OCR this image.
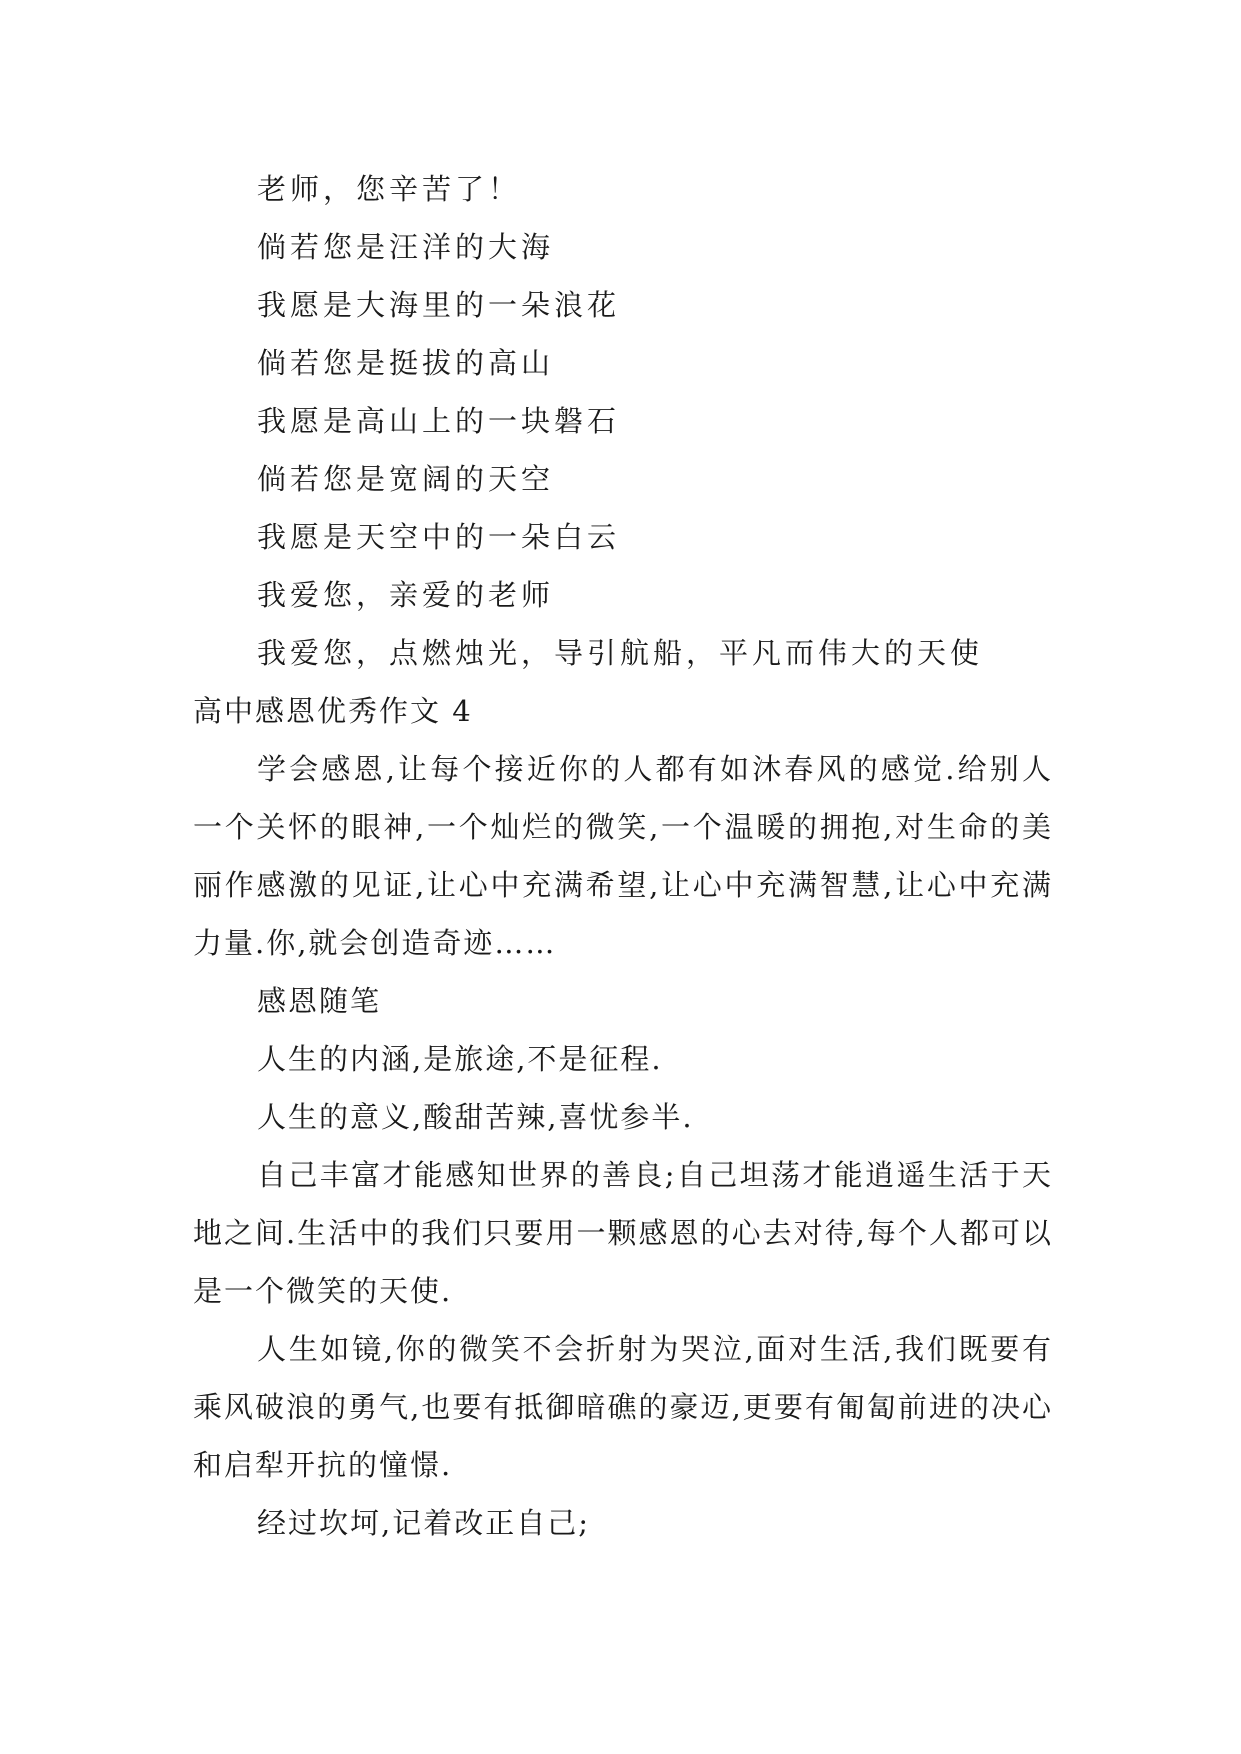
老师，您辛苦了！
倘若您是汪洋的大海
我愿是大海里的一朵浪花
倘若您是挺拔的高山
我愿是高山上的一块磐石
倘若您是宽阔的天空
我愿是天空中的一朵白云
我爱您，亲爱的老师
我爱您，点燃烛光，导引航船，平凡而伟大的天使
高中感恩优秀作文 4
学会感恩,让每个接近你的人都有如沐春风的感觉.给别人一个关怀的眼神,一个灿烂的微笑,一个温暖的拥抱,对生命的美丽作感激的见证,让心中充满希望,让心中充满智慧,让心中充满力量.你,就会创造奇迹……
感恩随笔
人生的内涵,是旅途,不是征程.
人生的意义,酸甜苦辣,喜忧参半.
自己丰富才能感知世界的善良;自己坦荡才能逍遥生活于天地之间.生活中的我们只要用一颗感恩的心去对待,每个人都可以是一个微笑的天使.
人生如镜,你的微笑不会折射为哭泣,面对生活,我们既要有乘风破浪的勇气,也要有抵御暗礁的豪迈,更要有匍匐前进的决心和启犁开抗的憧憬.
经过坎坷,记着改正自己;
